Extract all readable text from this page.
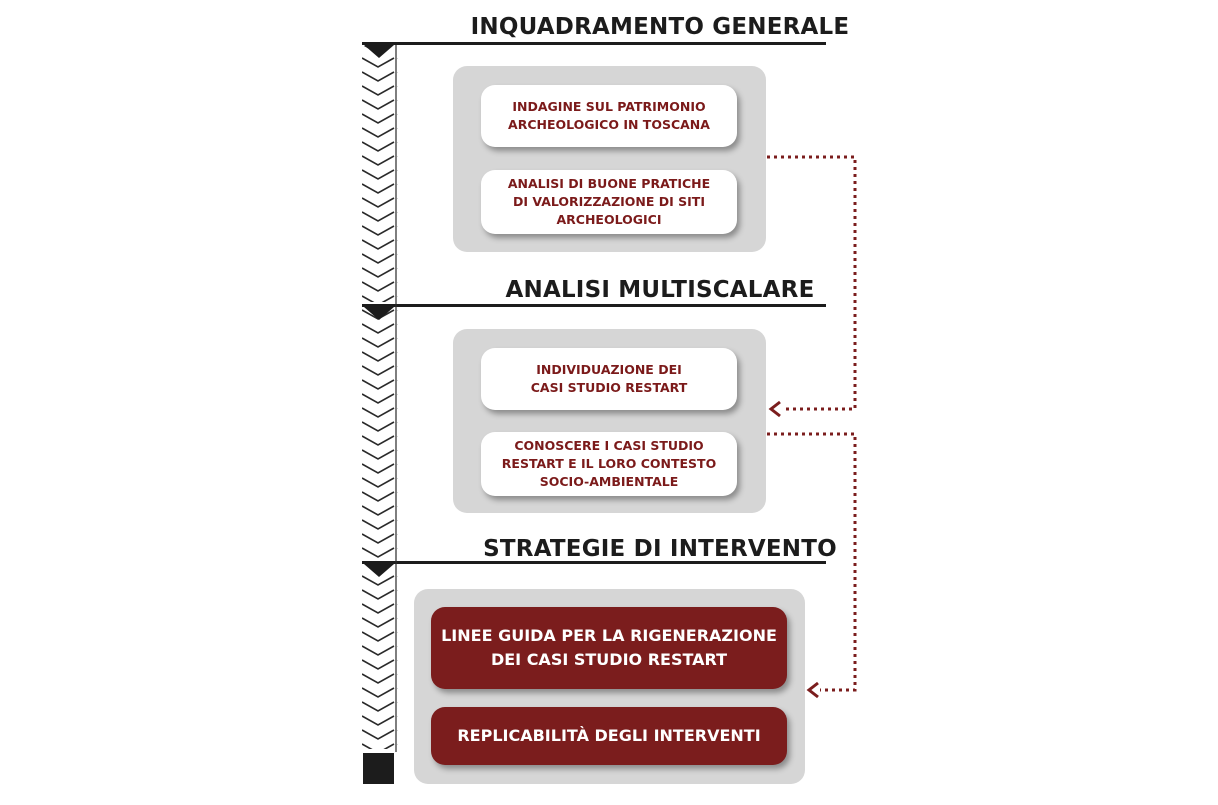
INQUADRAMENTO GENERALE
ANALISI MULTISCALARE
STRATEGIE DI INTERVENTO
INDAGINE SUL PATRIMONIO
ARCHEOLOGICO IN TOSCANA
ANALISI DI BUONE PRATICHE
DI VALORIZZAZIONE DI SITI
ARCHEOLOGICI
INDIVIDUAZIONE DEI
CASI STUDIO RESTART
CONOSCERE I CASI STUDIO
RESTART E IL LORO CONTESTO
SOCIO-AMBIENTALE
LINEE GUIDA PER LA RIGENERAZIONE
DEI CASI STUDIO RESTART
REPLICABILITÀ DEGLI INTERVENTI
